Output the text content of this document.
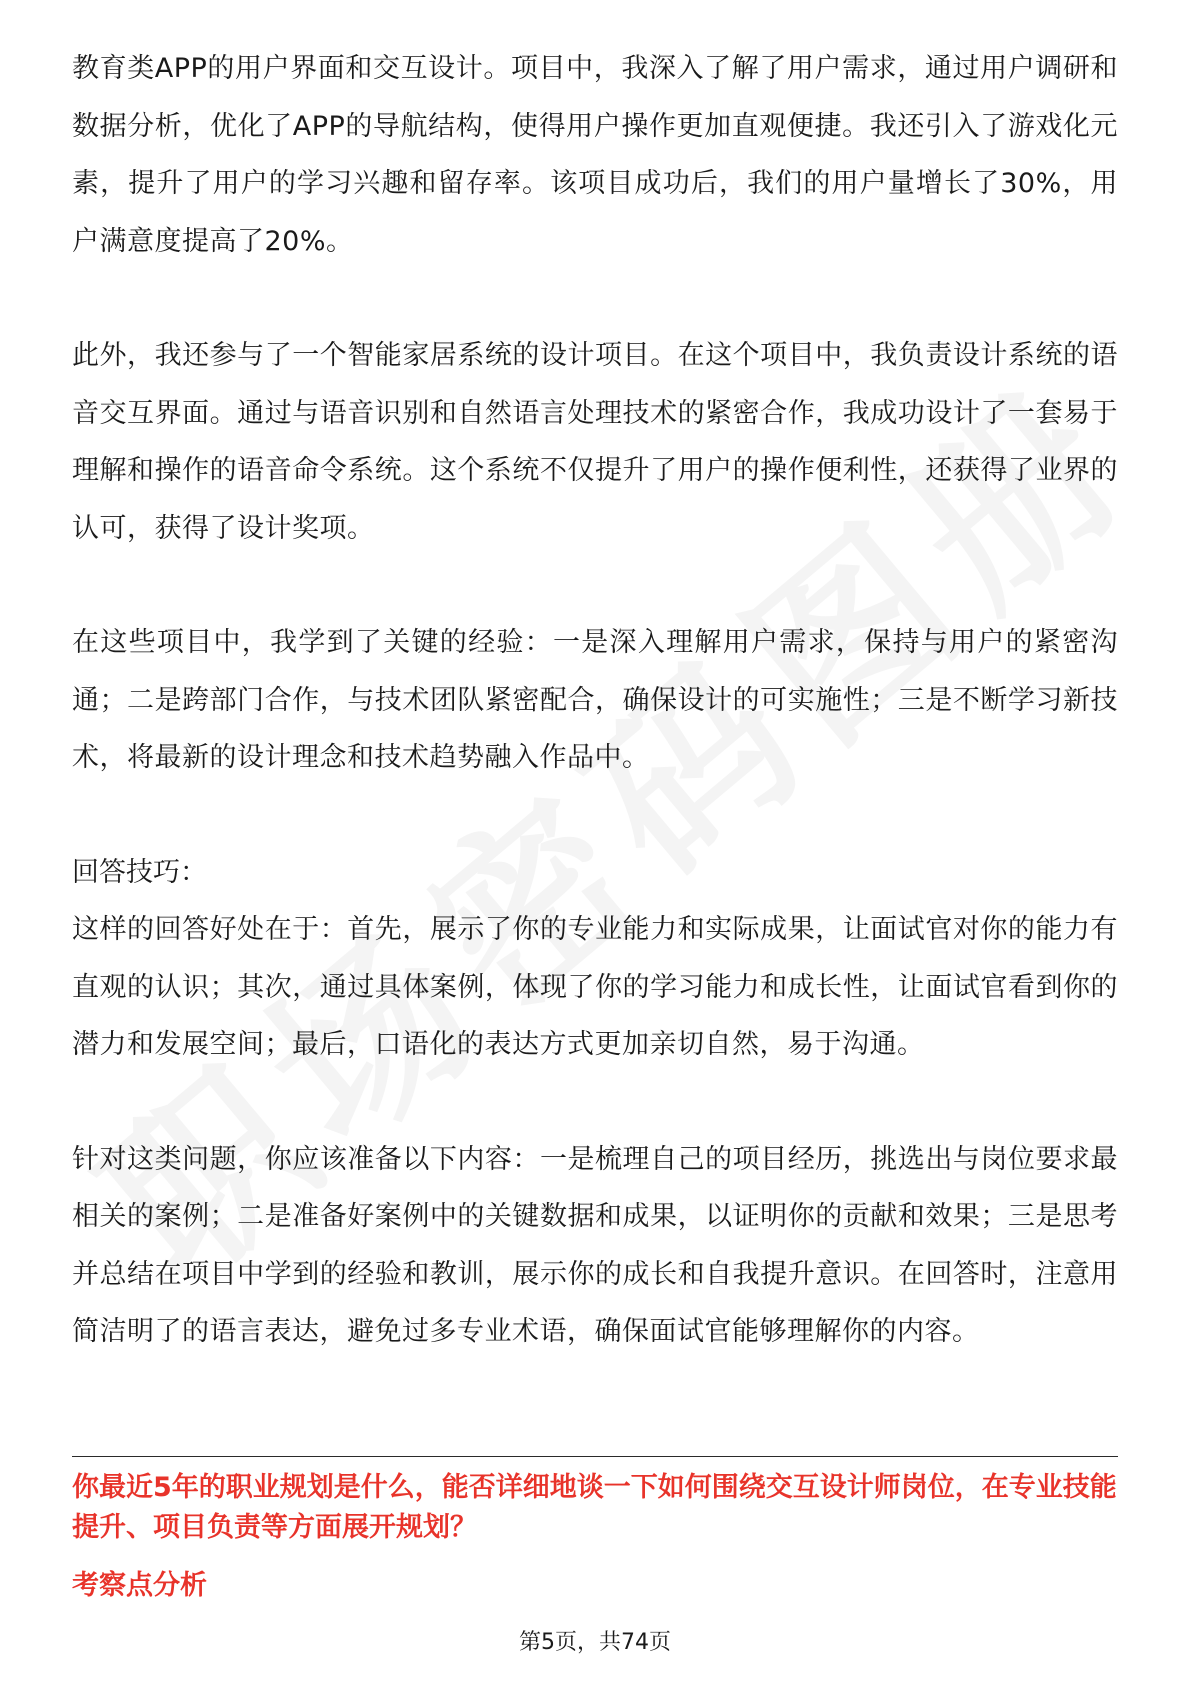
教育类APP的用户界面和交互设计。项目中，我深入了解了用户需求，通过用户调研和数据分析，优化了APP的导航结构，使得用户操作更加直观便捷。我还引入了游戏化元素，提升了用户的学习兴趣和留存率。该项目成功后，我们的用户量增长了30%，用户满意度提高了20%。

此外，我还参与了一个智能家居系统的设计项目。在这个项目中，我负责设计系统的语音交互界面。通过与语音识别和自然语言处理技术的紧密合作，我成功设计了一套易于理解和操作的语音命令系统。这个系统不仅提升了用户的操作便利性，还获得了业界的认可，获得了设计奖项。

在这些项目中，我学到了关键的经验：一是深入理解用户需求，保持与用户的紧密沟通；二是跨部门合作，与技术团队紧密配合，确保设计的可实施性；三是不断学习新技术，将最新的设计理念和技术趋势融入作品中。

回答技巧：

这样的回答好处在于：首先，展示了你的专业能力和实际成果，让面试官对你的能力有直观的认识；其次，通过具体案例，体现了你的学习能力和成长性，让面试官看到你的潜力和发展空间；最后，口语化的表达方式更加亲切自然，易于沟通。

针对这类问题，你应该准备以下内容：一是梳理自己的项目经历，挑选出与岗位要求最相关的案例；二是准备好案例中的关键数据和成果，以证明你的贡献和效果；三是思考并总结在项目中学到的经验和教训，展示你的成长和自我提升意识。在回答时，注意用简洁明了的语言表达，避免过多专业术语，确保面试官能够理解你的内容。

你最近5年的职业规划是什么，能否详细地谈一下如何围绕交互设计师岗位，在专业技能提升、项目负责等方面展开规划？

考察点分析

第5页，共74页
